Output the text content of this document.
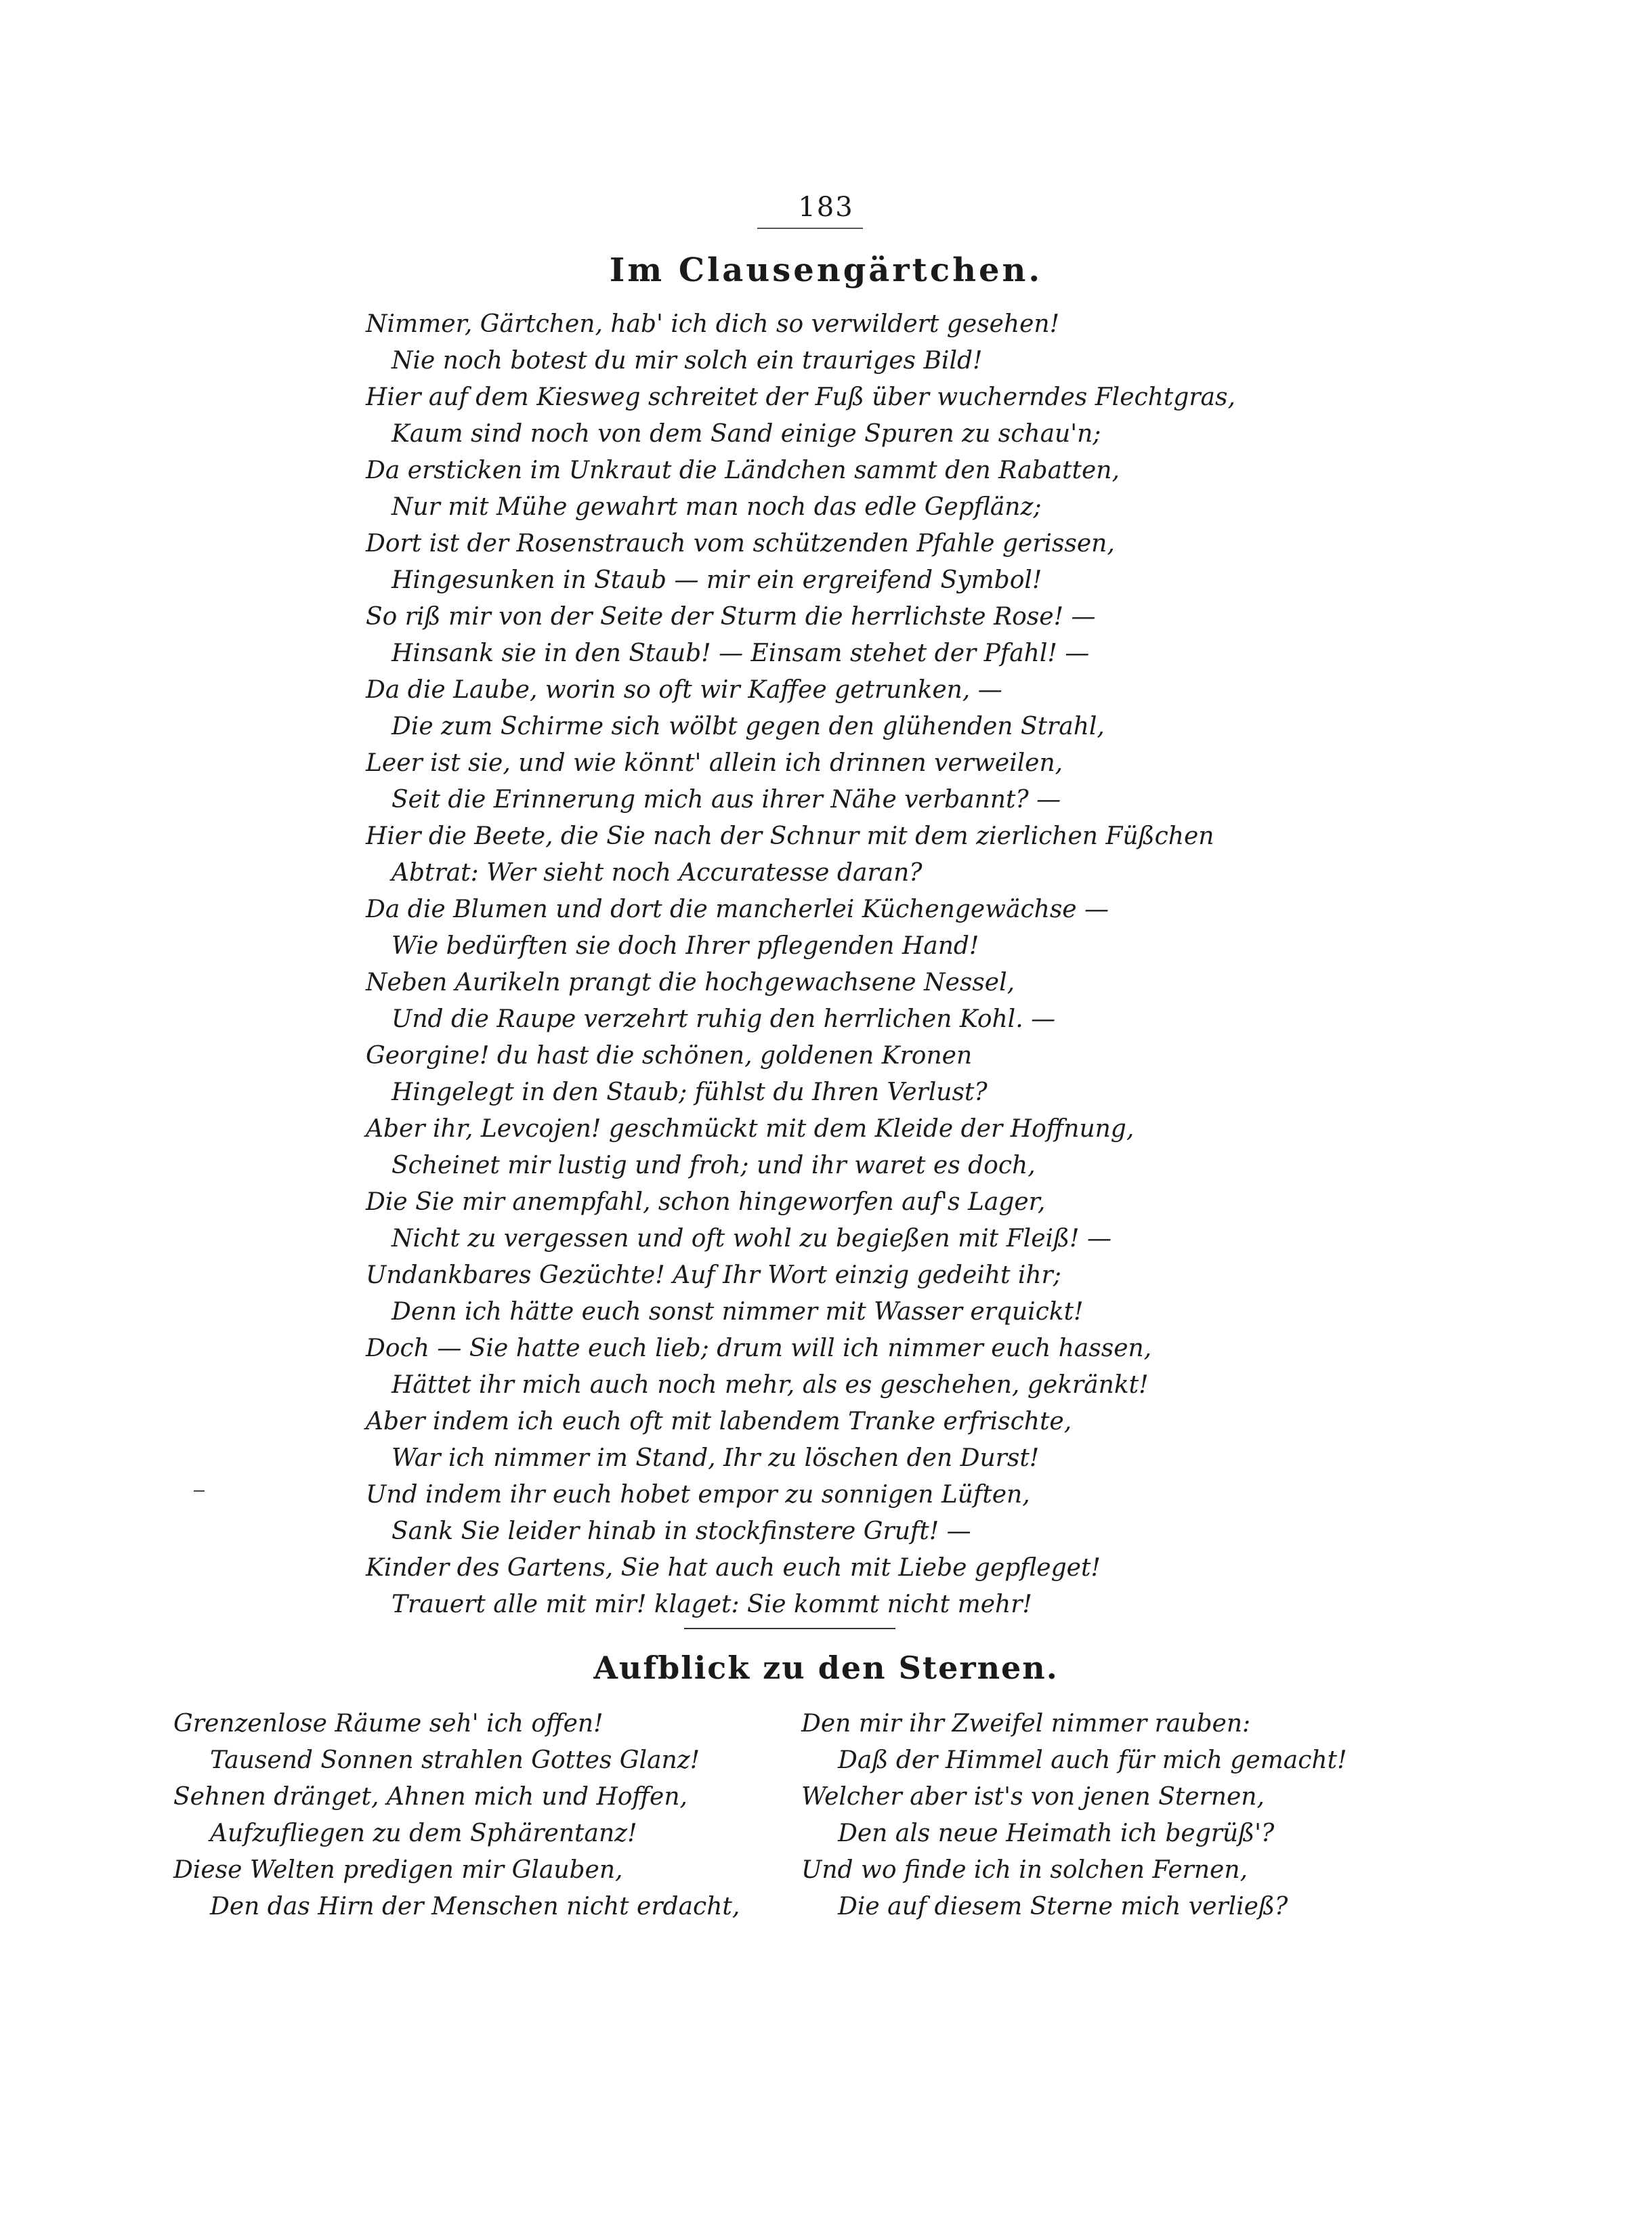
183
Im Clausengärtchen.
Nimmer, Gärtchen, hab' ich dich so verwildert gesehen!
Nie noch botest du mir solch ein trauriges Bild!
Hier auf dem Kiesweg schreitet der Fuß über wucherndes Flechtgras,
Kaum sind noch von dem Sand einige Spuren zu schau'n;
Da ersticken im Unkraut die Ländchen sammt den Rabatten,
Nur mit Mühe gewahrt man noch das edle Gepflänz;
Dort ist der Rosenstrauch vom schützenden Pfahle gerissen,
Hingesunken in Staub — mir ein ergreifend Symbol!
So riß mir von der Seite der Sturm die herrlichste Rose! —
Hinsank sie in den Staub! — Einsam stehet der Pfahl! —
Da die Laube, worin so oft wir Kaffee getrunken, —
Die zum Schirme sich wölbt gegen den glühenden Strahl,
Leer ist sie, und wie könnt' allein ich drinnen verweilen,
Seit die Erinnerung mich aus ihrer Nähe verbannt? —
Hier die Beete, die Sie nach der Schnur mit dem zierlichen Füßchen
Abtrat: Wer sieht noch Accuratesse daran?
Da die Blumen und dort die mancherlei Küchengewächse —
Wie bedürften sie doch Ihrer pflegenden Hand!
Neben Aurikeln prangt die hochgewachsene Nessel,
Und die Raupe verzehrt ruhig den herrlichen Kohl. —
Georgine! du hast die schönen, goldenen Kronen
Hingelegt in den Staub; fühlst du Ihren Verlust?
Aber ihr, Levcojen! geschmückt mit dem Kleide der Hoffnung,
Scheinet mir lustig und froh; und ihr waret es doch,
Die Sie mir anempfahl, schon hingeworfen auf's Lager,
Nicht zu vergessen und oft wohl zu begießen mit Fleiß! —
Undankbares Gezüchte! Auf Ihr Wort einzig gedeiht ihr;
Denn ich hätte euch sonst nimmer mit Wasser erquickt!
Doch — Sie hatte euch lieb; drum will ich nimmer euch hassen,
Hättet ihr mich auch noch mehr, als es geschehen, gekränkt!
Aber indem ich euch oft mit labendem Tranke erfrischte,
War ich nimmer im Stand, Ihr zu löschen den Durst!
Und indem ihr euch hobet empor zu sonnigen Lüften,
Sank Sie leider hinab in stockfinstere Gruft! —
Kinder des Gartens, Sie hat auch euch mit Liebe gepfleget!
Trauert alle mit mir! klaget: Sie kommt nicht mehr!
Aufblick zu den Sternen.
Grenzenlose Räume seh' ich offen!
Tausend Sonnen strahlen Gottes Glanz!
Sehnen dränget, Ahnen mich und Hoffen,
Aufzufliegen zu dem Sphärentanz!
Diese Welten predigen mir Glauben,
Den das Hirn der Menschen nicht erdacht,
Den mir ihr Zweifel nimmer rauben:
Daß der Himmel auch für mich gemacht!
Welcher aber ist's von jenen Sternen,
Den als neue Heimath ich begrüß'?
Und wo finde ich in solchen Fernen,
Die auf diesem Sterne mich verließ?
